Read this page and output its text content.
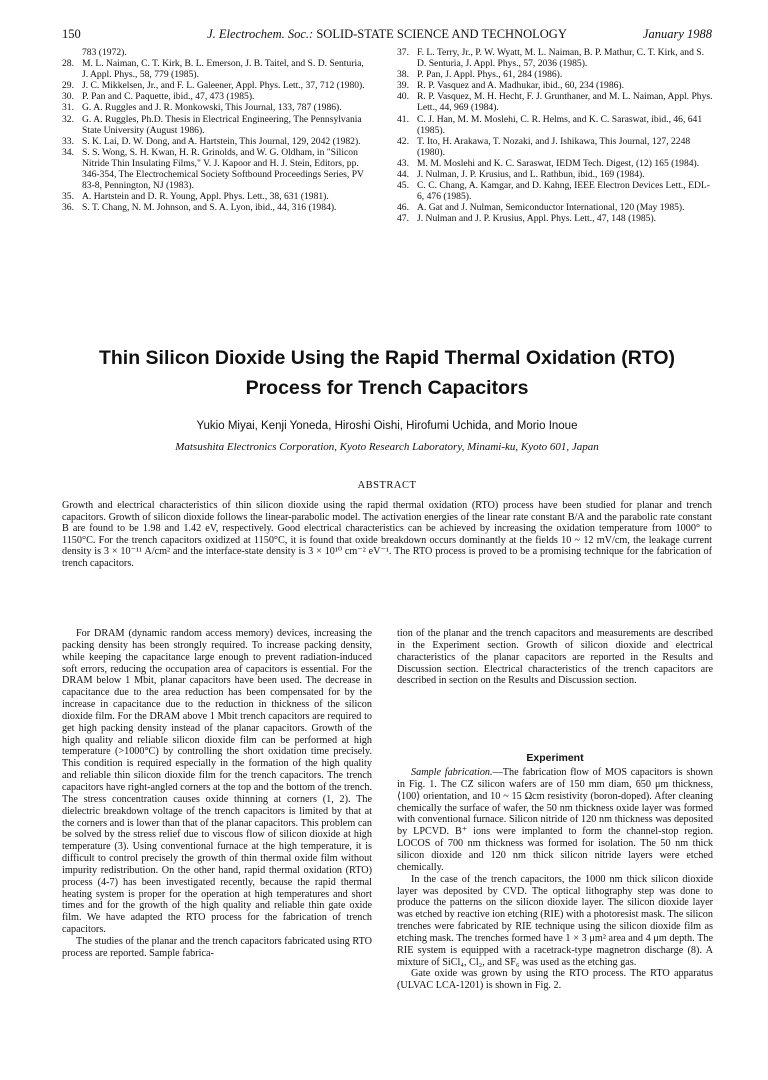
150	J. Electrochem. Soc.: SOLID-STATE SCIENCE AND TECHNOLOGY	January 1988
783 (1972).
28. M. L. Naiman, C. T. Kirk, B. L. Emerson, J. B. Taitel, and S. D. Senturia, J. Appl. Phys., 58, 779 (1985).
29. J. C. Mikkelsen, Jr., and F. L. Galeener, Appl. Phys. Lett., 37, 712 (1980).
30. P. Pan and C. Paquette, ibid., 47, 473 (1985).
31. G. A. Ruggles and J. R. Monkowski, This Journal, 133, 787 (1986).
32. G. A. Ruggles, Ph.D. Thesis in Electrical Engineering, The Pennsylvania State University (August 1986).
33. S. K. Lai, D. W. Dong, and A. Hartstein, This Journal, 129, 2042 (1982).
34. S. S. Wong, S. H. Kwan, H. R. Grinolds, and W. G. Oldham, in "Silicon Nitride Thin Insulating Films," V. J. Kapoor and H. J. Stein, Editors, pp. 346-354, The Electrochemical Society Softbound Proceedings Series, PV 83-8, Pennington, NJ (1983).
35. A. Hartstein and D. R. Young, Appl. Phys. Lett., 38, 631 (1981).
36. S. T. Chang, N. M. Johnson, and S. A. Lyon, ibid., 44, 316 (1984).
37. F. L. Terry, Jr., P. W. Wyatt, M. L. Naiman, B. P. Mathur, C. T. Kirk, and S. D. Senturia, J. Appl. Phys., 57, 2036 (1985).
38. P. Pan, J. Appl. Phys., 61, 284 (1986).
39. R. P. Vasquez and A. Madhukar, ibid., 60, 234 (1986).
40. R. P. Vasquez, M. H. Hecht, F. J. Grunthaner, and M. L. Naiman, Appl. Phys. Lett., 44, 969 (1984).
41. C. J. Han, M. M. Moslehi, C. R. Helms, and K. C. Saraswat, ibid., 46, 641 (1985).
42. T. Ito, H. Arakawa, T. Nozaki, and J. Ishikawa, This Journal, 127, 2248 (1980).
43. M. M. Moslehi and K. C. Saraswat, IEDM Tech. Digest, (12) 165 (1984).
44. J. Nulman, J. P. Krusius, and L. Rathbun, ibid., 169 (1984).
45. C. C. Chang, A. Kamgar, and D. Kahng, IEEE Electron Devices Lett., EDL-6, 476 (1985).
46. A. Gat and J. Nulman, Semiconductor International, 120 (May 1985).
47. J. Nulman and J. P. Krusius, Appl. Phys. Lett., 47, 148 (1985).
Thin Silicon Dioxide Using the Rapid Thermal Oxidation (RTO)
Process for Trench Capacitors
Yukio Miyai, Kenji Yoneda, Hiroshi Oishi, Hirofumi Uchida, and Morio Inoue
Matsushita Electronics Corporation, Kyoto Research Laboratory, Minami-ku, Kyoto 601, Japan
ABSTRACT

Growth and electrical characteristics of thin silicon dioxide using the rapid thermal oxidation (RTO) process have been studied for planar and trench capacitors. Growth of silicon dioxide follows the linear-parabolic model. The activation energies of the linear rate constant B/A and the parabolic rate constant B are found to be 1.98 and 1.42 eV, respectively. Good electrical characteristics can be achieved by increasing the oxidation temperature from 1000° to 1150°C. For the trench capacitors oxidized at 1150°C, it is found that oxide breakdown occurs dominantly at the fields 10 ~ 12 mV/cm, the leakage current density is 3 × 10⁻¹¹ A/cm² and the interface-state density is 3 × 10¹⁰ cm⁻² eV⁻¹. The RTO process is proved to be a promising technique for the fabrication of trench capacitors.

For DRAM (dynamic random access memory) devices, increasing the packing density has been strongly required. To increase packing density, while keeping the capacitance large enough to prevent radiation-induced soft errors, reducing the occupation area of capacitors is essential. For the DRAM below 1 Mbit, planar capacitors have been used. The decrease in capacitance due to the area reduction has been compensated for by the increase in capacitance due to the reduction in thickness of the silicon dioxide film. For the DRAM above 1 Mbit trench capacitors are required to get high packing density instead of the planar capacitors. Growth of the high quality and reliable silicon dioxide film can be performed at high temperature (>1000°C) by controlling the short oxidation time precisely. This condition is required especially in the formation of the high quality and reliable thin silicon dioxide film for the trench capacitors. The trench capacitors have right-angled corners at the top and the bottom of the trench. The stress concentration causes oxide thinning at corners (1, 2). The dielectric breakdown voltage of the trench capacitors is limited by that at the corners and is lower than that of the planar capacitors. This problem can be solved by the stress relief due to viscous flow of silicon dioxide at high temperature (3). Using conventional furnace at the high temperature, it is difficult to control precisely the growth of thin thermal oxide film without impurity redistribution. On the other hand, rapid thermal oxidation (RTO) process (4-7) has been investigated recently, because the rapid thermal heating system is proper for the operation at high temperatures and short times and for the growth of the high quality and reliable thin gate oxide film. We have adapted the RTO process for the fabrication of trench capacitors.

The studies of the planar and the trench capacitors fabricated using RTO process are reported. Sample fabrica-

tion of the planar and the trench capacitors and measurements are described in the Experiment section. Growth of silicon dioxide and electrical characteristics of the planar capacitors are reported in the Results and Discussion section. Electrical characteristics of the trench capacitors are described in section on the Results and Discussion section.

Experiment

Sample fabrication.—The fabrication flow of MOS capacitors is shown in Fig. 1. The CZ silicon wafers are of 150 mm diam, 650 μm thickness, ⟨100⟩ orientation, and 10 ~ 15 Ωcm resistivity (boron-doped). After cleaning chemically the surface of wafer, the 50 nm thickness oxide layer was formed with conventional furnace. Silicon nitride of 120 nm thickness was deposited by LPCVD. B⁺ ions were implanted to form the channel-stop region. LOCOS of 700 nm thickness was formed for isolation. The 50 nm thick silicon dioxide and 120 nm thick silicon nitride layers were etched chemically.

In the case of the trench capacitors, the 1000 nm thick silicon dioxide layer was deposited by CVD. The optical lithography step was done to produce the patterns on the silicon dioxide layer. The silicon dioxide layer was etched by reactive ion etching (RIE) with a photoresist mask. The silicon trenches were fabricated by RIE technique using the silicon dioxide film as etching mask. The trenches formed have 1 × 3 μm² area and 4 μm depth. The RIE system is equipped with a racetrack-type magnetron discharge (8). A mixture of SiCl₄, Cl₂, and SF₆ was used as the etching gas.

Gate oxide was grown by using the RTO process. The RTO apparatus (ULVAC LCA-1201) is shown in Fig. 2.
